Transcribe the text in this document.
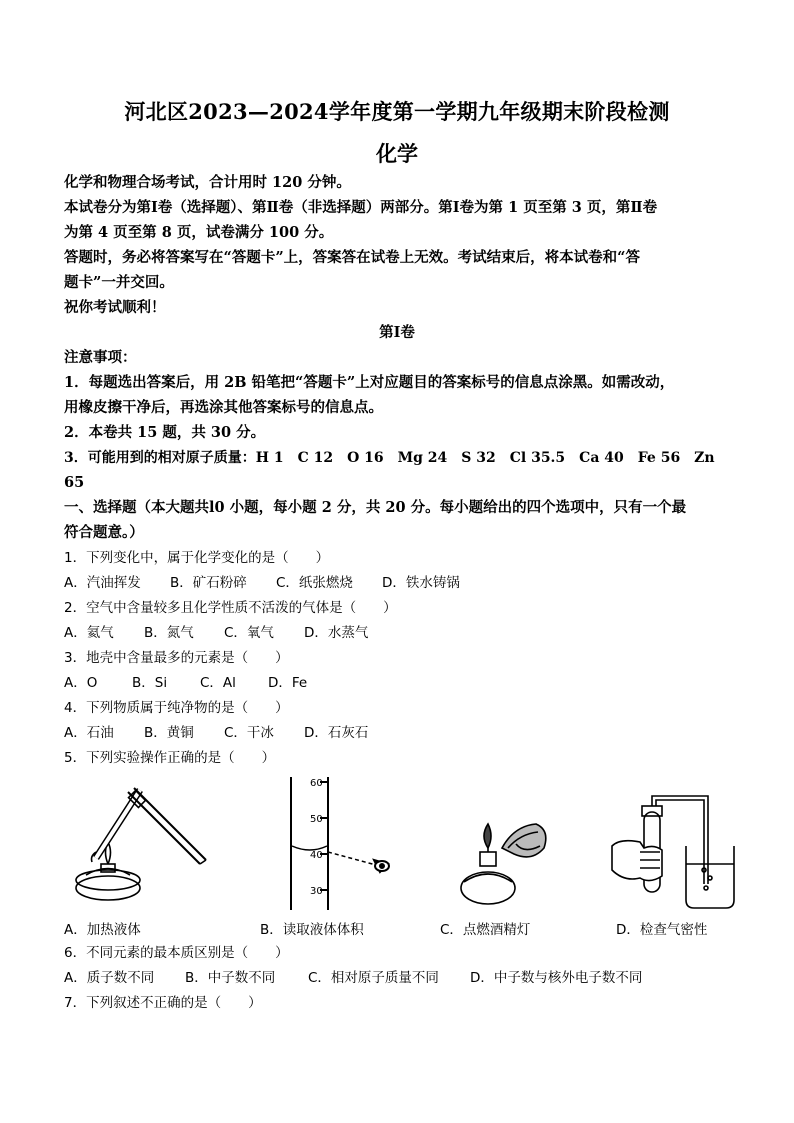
河北区2023—2024学年度第一学期九年级期末阶段检测
化学
化学和物理合场考试，合计用时 120 分钟。
本试卷分为第Ⅰ卷（选择题）、第Ⅱ卷（非选择题）两部分。第Ⅰ卷为第 1 页至第 3 页，第Ⅱ卷
为第 4 页至第 8 页，试卷满分 100 分。
答题时，务必将答案写在“答题卡”上，答案答在试卷上无效。考试结束后，将本试卷和“答
题卡”一并交回。
祝你考试顺利！
第Ⅰ卷
注意事项：
1．每题选出答案后，用 2B 铅笔把“答题卡”上对应题目的答案标号的信息点涂黑。如需改动，
用橡皮擦干净后，再选涂其他答案标号的信息点。
2．本卷共 15 题，共 30 分。
3．可能用到的相对原子质量：H 1　C 12　O 16　Mg 24　S 32　Cl 35.5　Ca 40　Fe 56　Zn
65
一、选择题（本大题共l0 小题，每小题 2 分，共 20 分。每小题给出的四个选项中，只有一个最
符合题意。）
1．下列变化中，属于化学变化的是（　　）
A．汽油挥发 B．矿石粉碎 C．纸张燃烧 D．铁水铸锅
2．空气中含量较多且化学性质不活泼的气体是（　　）
A．氦气 B．氮气 C．氧气 D．水蒸气
3．地壳中含量最多的元素是（　　）
A．O	B．Si C．Al D．Fe
4．下列物质属于纯净物的是（　　）
A．石油 B．黄铜 C．干冰 D．石灰石
5．下列实验操作正确的是（　　）
60
50
40
30
A．加热液体	B．读取液体体积	C．点燃酒精灯	D．检查气密性
6．不同元素的最本质区别是（　　）
A．质子数不同 B．中子数不同 C．相对原子质量不同 D．中子数与核外电子数不同
7．下列叙述不正确的是（　　）
